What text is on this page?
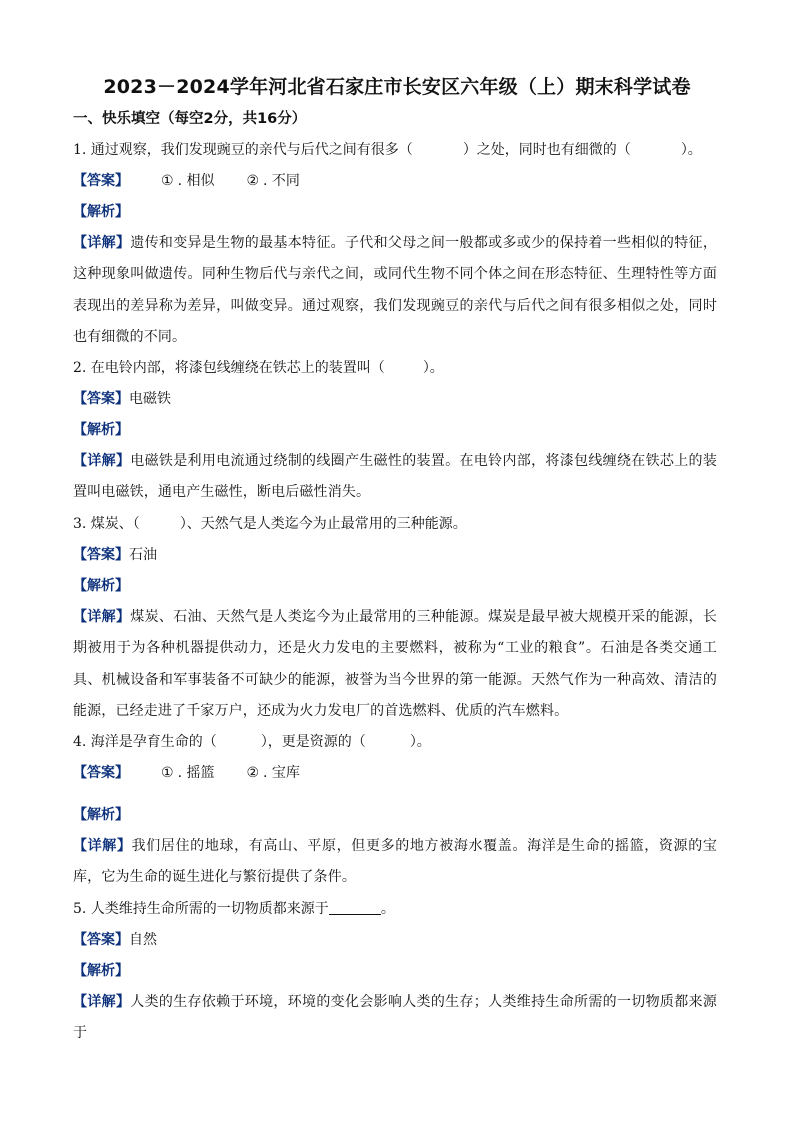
2023－2024学年河北省石家庄市长安区六年级（上）期末科学试卷
一、快乐填空（每空2分，共16分）
1. 通过观察，我们发现豌豆的亲代与后代之间有很多（	）之处，同时也有细微的（	）。
【答案】 ① . 相似 ② . 不同
【解析】
【详解】遗传和变异是生物的最基本特征。子代和父母之间一般都或多或少的保持着一些相似的特征，这种现象叫做遗传。同种生物后代与亲代之间，或同代生物不同个体之间在形态特征、生理特性等方面表现出的差异称为差异，叫做变异。通过观察，我们发现豌豆的亲代与后代之间有很多相似之处，同时也有细微的不同。
2. 在电铃内部，将漆包线缠绕在铁芯上的装置叫（	）。
【答案】电磁铁
【解析】
【详解】电磁铁是利用电流通过绕制的线圈产生磁性的装置。在电铃内部，将漆包线缠绕在铁芯上的装置叫电磁铁，通电产生磁性，断电后磁性消失。
3. 煤炭、（	）、天然气是人类迄今为止最常用的三种能源。
【答案】石油
【解析】
【详解】煤炭、石油、天然气是人类迄今为止最常用的三种能源。煤炭是最早被大规模开采的能源，长期被用于为各种机器提供动力，还是火力发电的主要燃料，被称为“工业的粮食”。石油是各类交通工具、机械设备和军事装备不可缺少的能源，被誉为当今世界的第一能源。天然气作为一种高效、清洁的能源，已经走进了千家万户，还成为火力发电厂的首选燃料、优质的汽车燃料。
4. 海洋是孕育生命的（	），更是资源的（	）。
【答案】 ① . 摇篮 ② . 宝库
【解析】
【详解】我们居住的地球，有高山、平原，但更多的地方被海水覆盖。海洋是生命的摇篮，资源的宝库，它为生命的诞生进化与繁衍提供了条件。
5. 人类维持生命所需的一切物质都来源于	。
【答案】自然
【解析】
【详解】人类的生存依赖于环境，环境的变化会影响人类的生存；人类维持生命所需的一切物质都来源于
